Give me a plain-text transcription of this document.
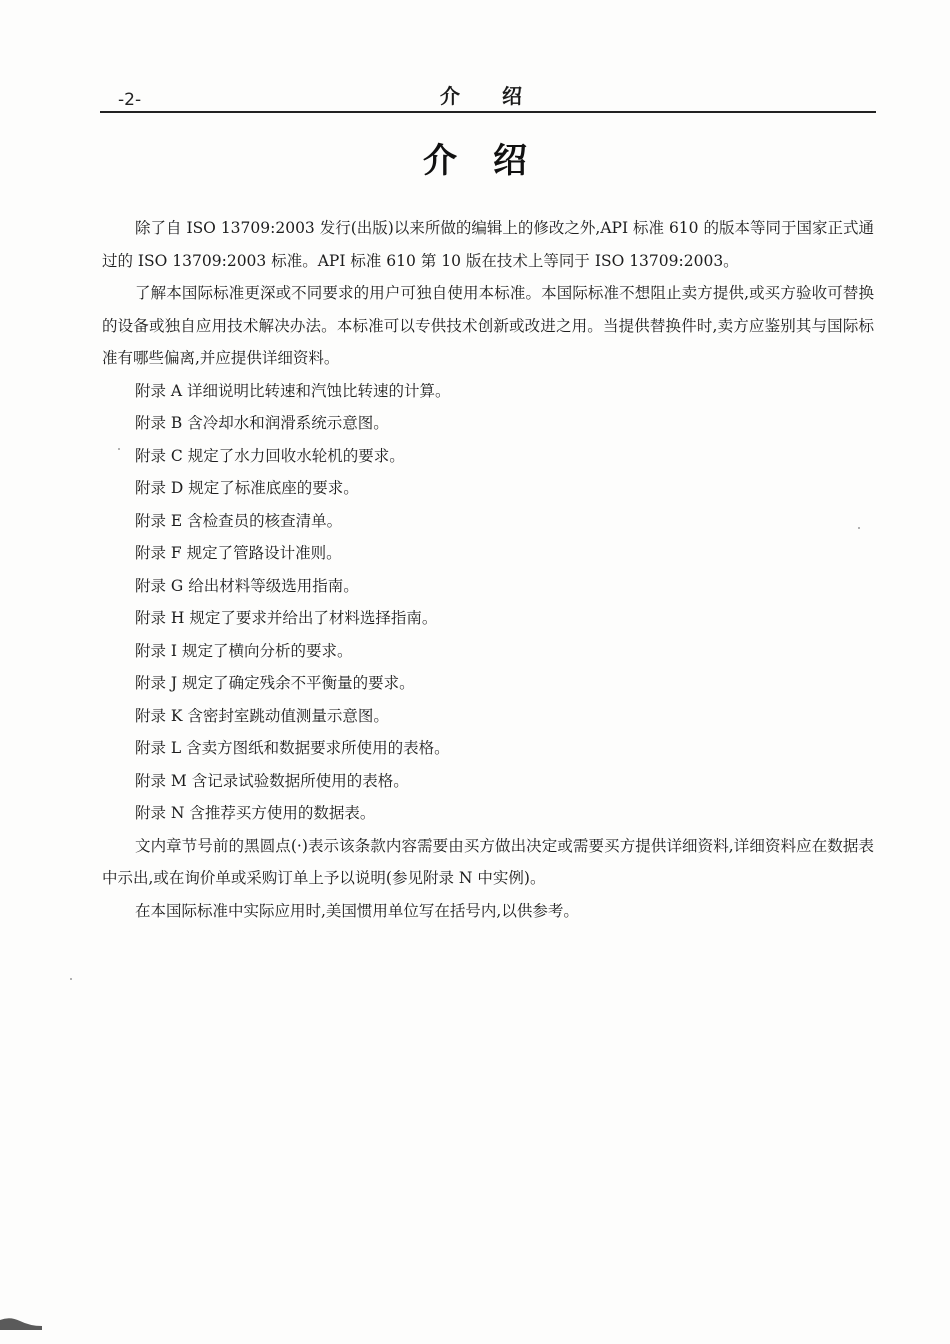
-2-	介绍
介绍

除了自 ISO 13709:2003 发行(出版)以来所做的编辑上的修改之外,API 标准 610 的版本等同于国家正式通过的 ISO 13709:2003 标准。API 标准 610 第 10 版在技术上等同于 ISO 13709:2003。

了解本国际标准更深或不同要求的用户可独自使用本标准。本国际标准不想阻止卖方提供,或买方验收可替换的设备或独自应用技术解决办法。本标准可以专供技术创新或改进之用。当提供替换件时,卖方应鉴别其与国际标准有哪些偏离,并应提供详细资料。

附录 A 详细说明比转速和汽蚀比转速的计算。
附录 B 含冷却水和润滑系统示意图。
附录 C 规定了水力回收水轮机的要求。
附录 D 规定了标准底座的要求。
附录 E 含检查员的核查清单。
附录 F 规定了管路设计准则。
附录 G 给出材料等级选用指南。
附录 H 规定了要求并给出了材料选择指南。
附录 I 规定了横向分析的要求。
附录 J 规定了确定残余不平衡量的要求。
附录 K 含密封室跳动值测量示意图。
附录 L 含卖方图纸和数据要求所使用的表格。
附录 M 含记录试验数据所使用的表格。
附录 N 含推荐买方使用的数据表。

文内章节号前的黑圆点(·)表示该条款内容需要由买方做出决定或需要买方提供详细资料,详细资料应在数据表中示出,或在询价单或采购订单上予以说明(参见附录 N 中实例)。

在本国际标准中实际应用时,美国惯用单位写在括号内,以供参考。
